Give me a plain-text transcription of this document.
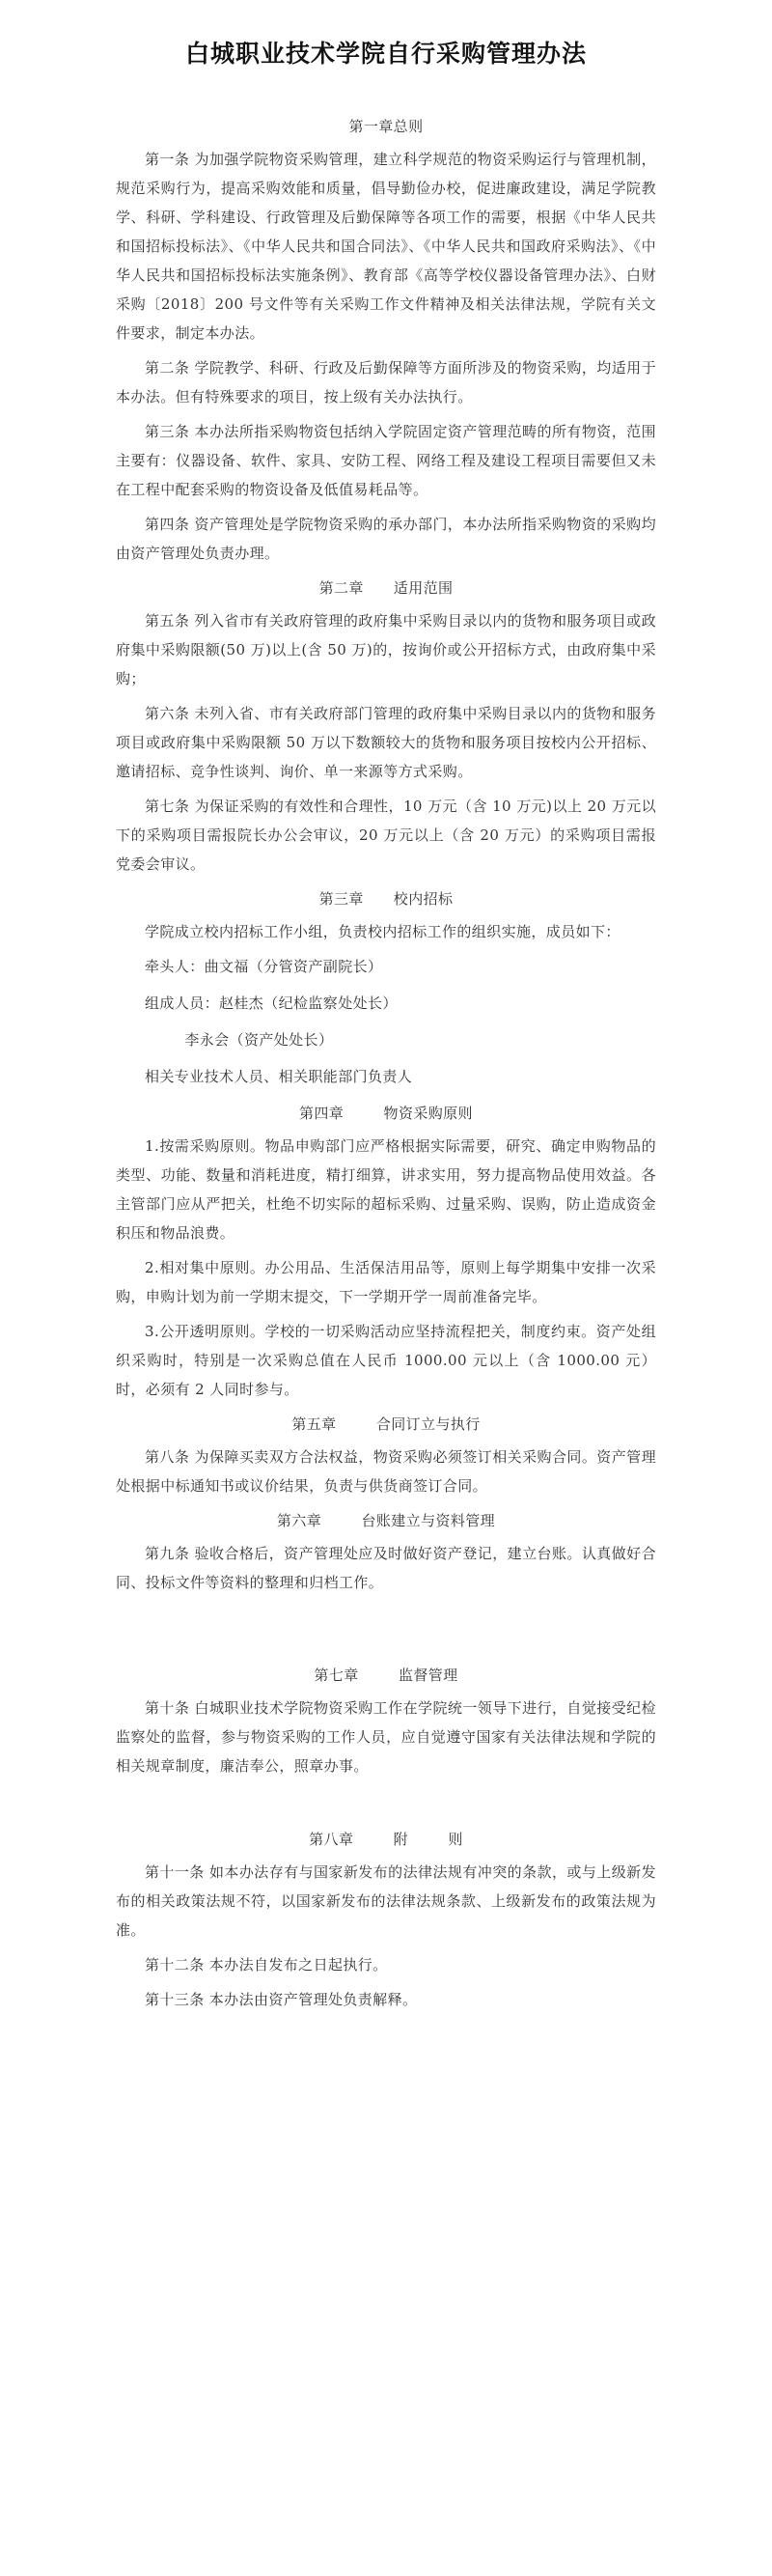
白城职业技术学院自行采购管理办法
第一章总则

第一条 为加强学院物资采购管理，建立科学规范的物资采购运行与管理机制，规范采购行为，提高采购效能和质量，倡导勤俭办校，促进廉政建设，满足学院教学、科研、学科建设、行政管理及后勤保障等各项工作的需要，根据《中华人民共和国招标投标法》、《中华人民共和国合同法》、《中华人民共和国政府采购法》、《中华人民共和国招标投标法实施条例》、教育部《高等学校仪器设备管理办法》、白财采购〔2018〕200 号文件等有关采购工作文件精神及相关法律法规，学院有关文件要求，制定本办法。

第二条 学院教学、科研、行政及后勤保障等方面所涉及的物资采购，均适用于本办法。但有特殊要求的项目，按上级有关办法执行。

第三条 本办法所指采购物资包括纳入学院固定资产管理范畴的所有物资，范围主要有：仪器设备、软件、家具、安防工程、网络工程及建设工程项目需要但又未在工程中配套采购的物资设备及低值易耗品等。

第四条 资产管理处是学院物资采购的承办部门，本办法所指采购物资的采购均由资产管理处负责办理。

第二章      适用范围

第五条 列入省市有关政府管理的政府集中采购目录以内的货物和服务项目或政府集中采购限额(50 万)以上(含 50 万)的，按询价或公开招标方式，由政府集中采购；

第六条 未列入省、市有关政府部门管理的政府集中采购目录以内的货物和服务项目或政府集中采购限额 50 万以下数额较大的货物和服务项目按校内公开招标、邀请招标、竞争性谈判、询价、单一来源等方式采购。

第七条 为保证采购的有效性和合理性，10 万元（含 10 万元)以上 20 万元以下的采购项目需报院长办公会审议，20 万元以上（含 20 万元）的采购项目需报党委会审议。

第三章      校内招标

学院成立校内招标工作小组，负责校内招标工作的组织实施，成员如下：

牵头人：曲文福（分管资产副院长）

组成人员：赵桂杰（纪检监察处处长）

李永会（资产处处长）

相关专业技术人员、相关职能部门负责人

第四章        物资采购原则

1.按需采购原则。物品申购部门应严格根据实际需要，研究、确定申购物品的类型、功能、数量和消耗进度，精打细算，讲求实用，努力提高物品使用效益。各主管部门应从严把关，杜绝不切实际的超标采购、过量采购、误购，防止造成资金积压和物品浪费。

2.相对集中原则。办公用品、生活保洁用品等，原则上每学期集中安排一次采购，申购计划为前一学期末提交，下一学期开学一周前准备完毕。

3.公开透明原则。学校的一切采购活动应坚持流程把关，制度约束。资产处组织采购时，特别是一次采购总值在人民币 1000.00 元以上（含 1000.00 元）时，必须有 2 人同时参与。

第五章        合同订立与执行

第八条 为保障买卖双方合法权益，物资采购必须签订相关采购合同。资产管理处根据中标通知书或议价结果，负责与供货商签订合同。

第六章        台账建立与资料管理

第九条 验收合格后，资产管理处应及时做好资产登记，建立台账。认真做好合同、投标文件等资料的整理和归档工作。

第七章        监督管理

第十条 白城职业技术学院物资采购工作在学院统一领导下进行，自觉接受纪检监察处的监督，参与物资采购的工作人员，应自觉遵守国家有关法律法规和学院的相关规章制度，廉洁奉公，照章办事。

第八章        附        则

第十一条 如本办法存有与国家新发布的法律法规有冲突的条款，或与上级新发布的相关政策法规不符，以国家新发布的法律法规条款、上级新发布的政策法规为准。

第十二条 本办法自发布之日起执行。

第十三条 本办法由资产管理处负责解释。
